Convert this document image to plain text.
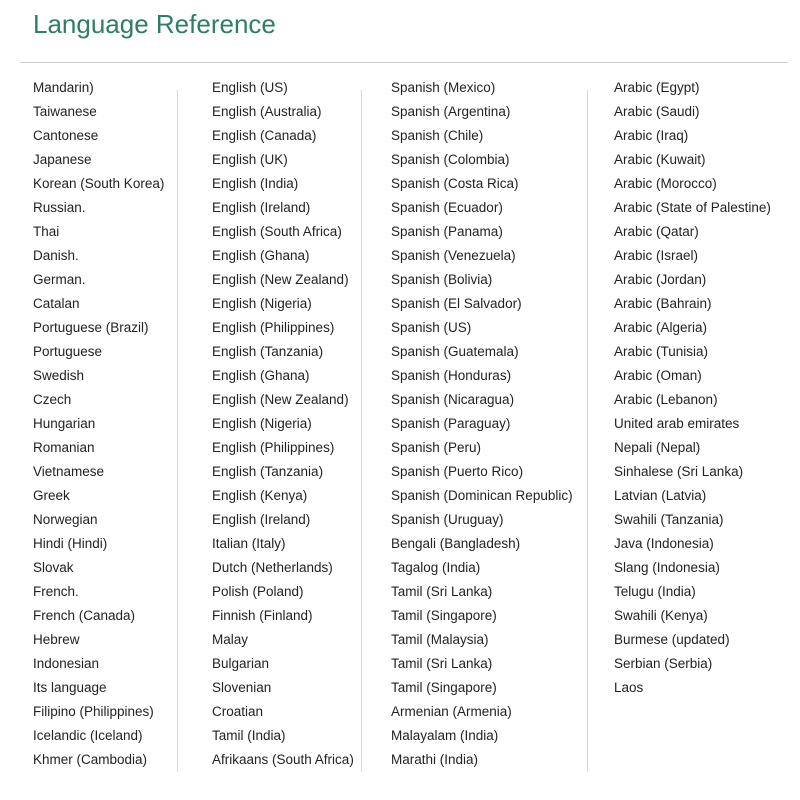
Language Reference
Mandarin)
Taiwanese
Cantonese
Japanese
Korean (South Korea)
Russian.
Thai
Danish.
German.
Catalan
Portuguese (Brazil)
Portuguese
Swedish
Czech
Hungarian
Romanian
Vietnamese
Greek
Norwegian
Hindi (Hindi)
Slovak
French.
French (Canada)
Hebrew
Indonesian
Its language
Filipino (Philippines)
Icelandic (Iceland)
Khmer (Cambodia)
English (US)
English (Australia)
English (Canada)
English (UK)
English (India)
English (Ireland)
English (South Africa)
English (Ghana)
English (New Zealand)
English (Nigeria)
English (Philippines)
English (Tanzania)
English (Ghana)
English (New Zealand)
English (Nigeria)
English (Philippines)
English (Tanzania)
English (Kenya)
English (Ireland)
Italian (Italy)
Dutch (Netherlands)
Polish (Poland)
Finnish (Finland)
Malay
Bulgarian
Slovenian
Croatian
Tamil (India)
Afrikaans (South Africa)
Spanish (Mexico)
Spanish (Argentina)
Spanish (Chile)
Spanish (Colombia)
Spanish (Costa Rica)
Spanish (Ecuador)
Spanish (Panama)
Spanish (Venezuela)
Spanish (Bolivia)
Spanish (El Salvador)
Spanish (US)
Spanish (Guatemala)
Spanish (Honduras)
Spanish (Nicaragua)
Spanish (Paraguay)
Spanish (Peru)
Spanish (Puerto Rico)
Spanish (Dominican Republic)
Spanish (Uruguay)
Bengali (Bangladesh)
Tagalog (India)
Tamil (Sri Lanka)
Tamil (Singapore)
Tamil (Malaysia)
Tamil (Sri Lanka)
Tamil (Singapore)
Armenian (Armenia)
Malayalam (India)
Marathi (India)
Arabic (Egypt)
Arabic (Saudi)
Arabic (Iraq)
Arabic (Kuwait)
Arabic (Morocco)
Arabic (State of Palestine)
Arabic (Qatar)
Arabic (Israel)
Arabic (Jordan)
Arabic (Bahrain)
Arabic (Algeria)
Arabic (Tunisia)
Arabic (Oman)
Arabic (Lebanon)
United arab emirates
Nepali (Nepal)
Sinhalese (Sri Lanka)
Latvian (Latvia)
Swahili (Tanzania)
Java (Indonesia)
Slang (Indonesia)
Telugu (India)
Swahili (Kenya)
Burmese (updated)
Serbian (Serbia)
Laos
